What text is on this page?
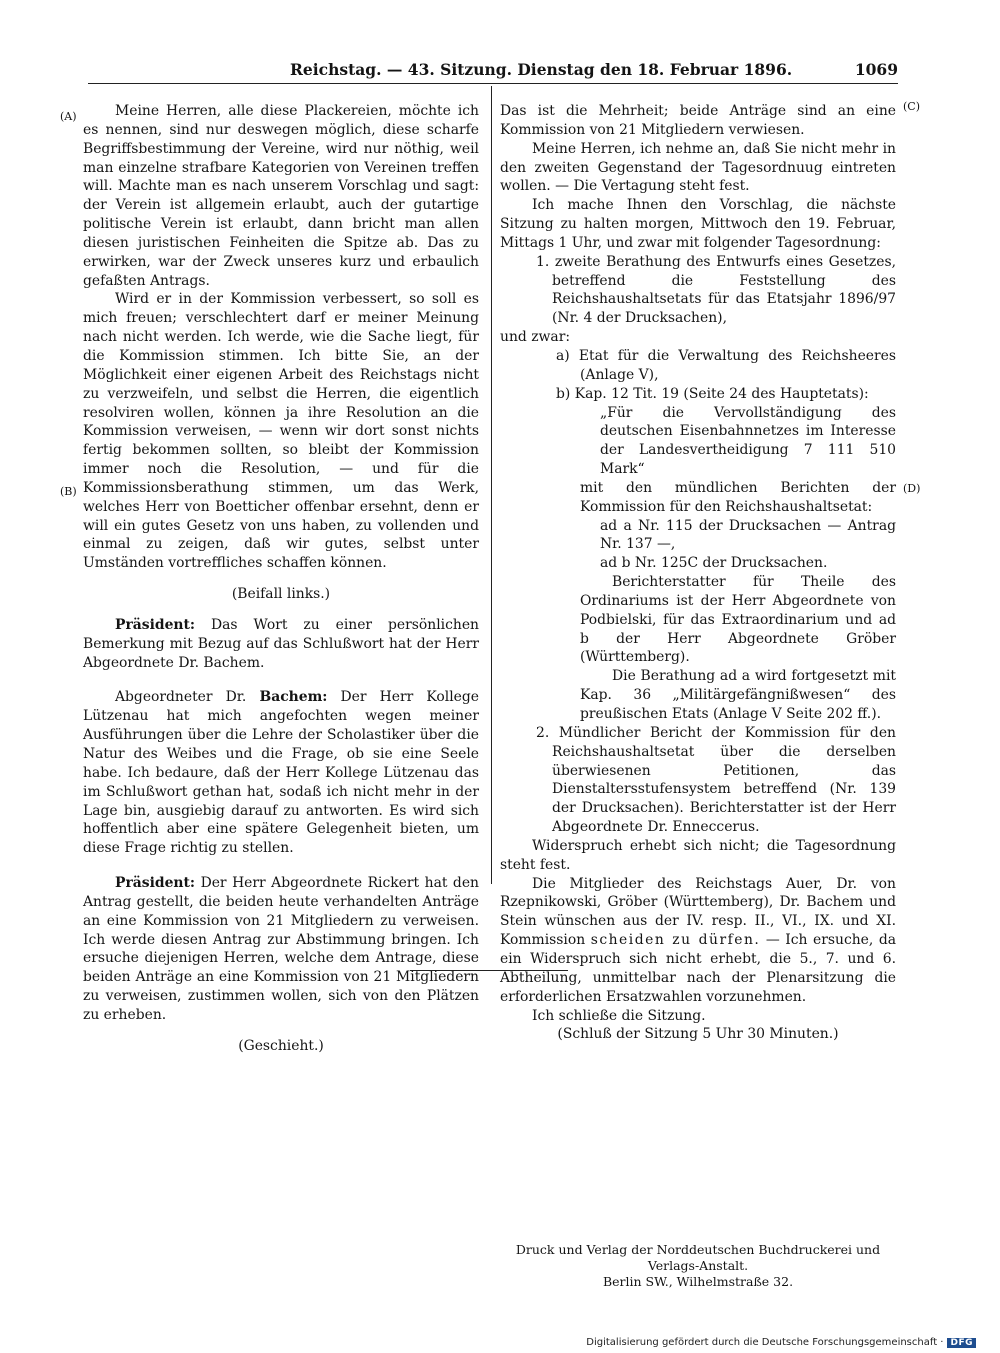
Reichstag. — 43. Sitzung. Dienstag den 18. Februar 1896.	1069
(A)
(B)
(C)
(D)

Meine Herren, alle diese Plackereien, möchte ich es nennen, sind nur deswegen möglich, diese scharfe Begriffsbestimmung der Vereine, wird nur nöthig, weil man einzelne strafbare Kategorien von Vereinen treffen will. Machte man es nach unserem Vorschlag und sagt: der Verein ist allgemein erlaubt, auch der gutartige politische Verein ist erlaubt, dann bricht man allen diesen juristischen Feinheiten die Spitze ab. Das zu erwirken, war der Zweck unseres kurz und erbaulich gefaßten Antrags.

Wird er in der Kommission verbessert, so soll es mich freuen; verschlechtert darf er meiner Meinung nach nicht werden. Ich werde, wie die Sache liegt, für die Kommission stimmen. Ich bitte Sie, an der Möglichkeit einer eigenen Arbeit des Reichstags nicht zu verzweifeln, und selbst die Herren, die eigentlich resolviren wollen, können ja ihre Resolution an die Kommission verweisen, — wenn wir dort sonst nichts fertig bekommen sollten, so bleibt der Kommission immer noch die Resolution, — und für die Kommissionsberathung stimmen, um das Werk, welches Herr von Boetticher offenbar ersehnt, denn er will ein gutes Gesetz von uns haben, zu vollenden und einmal zu zeigen, daß wir gutes, selbst unter Umständen vortreffliches schaffen können.

(Beifall links.)

Präsident: Das Wort zu einer persönlichen Bemerkung mit Bezug auf das Schlußwort hat der Herr Abgeordnete Dr. Bachem.

Abgeordneter Dr. Bachem: Der Herr Kollege Lützenau hat mich angefochten wegen meiner Ausführungen über die Lehre der Scholastiker über die Natur des Weibes und die Frage, ob sie eine Seele habe. Ich bedaure, daß der Herr Kollege Lützenau das im Schlußwort gethan hat, sodaß ich nicht mehr in der Lage bin, ausgiebig darauf zu antworten. Es wird sich hoffentlich aber eine spätere Gelegenheit bieten, um diese Frage richtig zu stellen.

Präsident: Der Herr Abgeordnete Rickert hat den Antrag gestellt, die beiden heute verhandelten Anträge an eine Kommission von 21 Mitgliedern zu verweisen. Ich werde diesen Antrag zur Abstimmung bringen. Ich ersuche diejenigen Herren, welche dem Antrage, diese beiden Anträge an eine Kommission von 21 Mitgliedern zu verweisen, zustimmen wollen, sich von den Plätzen zu erheben.

(Geschieht.)

Das ist die Mehrheit; beide Anträge sind an eine Kommission von 21 Mitgliedern verwiesen.

Meine Herren, ich nehme an, daß Sie nicht mehr in den zweiten Gegenstand der Tagesordnuug eintreten wollen. — Die Vertagung steht fest.

Ich mache Ihnen den Vorschlag, die nächste Sitzung zu halten morgen, Mittwoch den 19. Februar, Mittags 1 Uhr, und zwar mit folgender Tagesordnung:

1. zweite Berathung des Entwurfs eines Gesetzes, betreffend die Feststellung des Reichshaushaltsetats für das Etatsjahr 1896/97 (Nr. 4 der Drucksachen),

und zwar:

a) Etat für die Verwaltung des Reichsheeres (Anlage V),

b) Kap. 12 Tit. 19 (Seite 24 des Hauptetats):

„Für die Vervollständigung des deutschen Eisenbahnnetzes im Interesse der Landesvertheidigung 7 111 510 Mark“

mit den mündlichen Berichten der Kommission für den Reichshaushaltsetat:

ad a Nr. 115 der Drucksachen — Antrag Nr. 137 —,

ad b Nr. 125C der Drucksachen.

Berichterstatter für Theile des Ordinariums ist der Herr Abgeordnete von Podbielski, für das Extraordinarium und ad b der Herr Abgeordnete Gröber (Württemberg).

Die Berathung ad a wird fortgesetzt mit Kap. 36 „Militärgefängnißwesen“ des preußischen Etats (Anlage V Seite 202 ff.).

2. Mündlicher Bericht der Kommission für den Reichshaushaltsetat über die derselben überwiesenen Petitionen, das Dienstaltersstufensystem betreffend (Nr. 139 der Drucksachen). Berichterstatter ist der Herr Abgeordnete Dr. Enneccerus.

Widerspruch erhebt sich nicht; die Tagesordnung steht fest.

Die Mitglieder des Reichstags Auer, Dr. von Rzepnikowski, Gröber (Württemberg), Dr. Bachem und Stein wünschen aus der IV. resp. II., VI., IX. und XI. Kommission scheiden zu dürfen. — Ich ersuche, da ein Widerspruch sich nicht erhebt, die 5., 7. und 6. Abtheilung, unmittelbar nach der Plenarsitzung die erforderlichen Ersatzwahlen vorzunehmen.

Ich schließe die Sitzung.

(Schluß der Sitzung 5 Uhr 30 Minuten.)

Druck und Verlag der Norddeutschen Buchdruckerei und Verlags-Anstalt.
Berlin SW., Wilhelmstraße 32.
Digitalisierung gefördert durch die Deutsche Forschungsgemeinschaft · DFG
